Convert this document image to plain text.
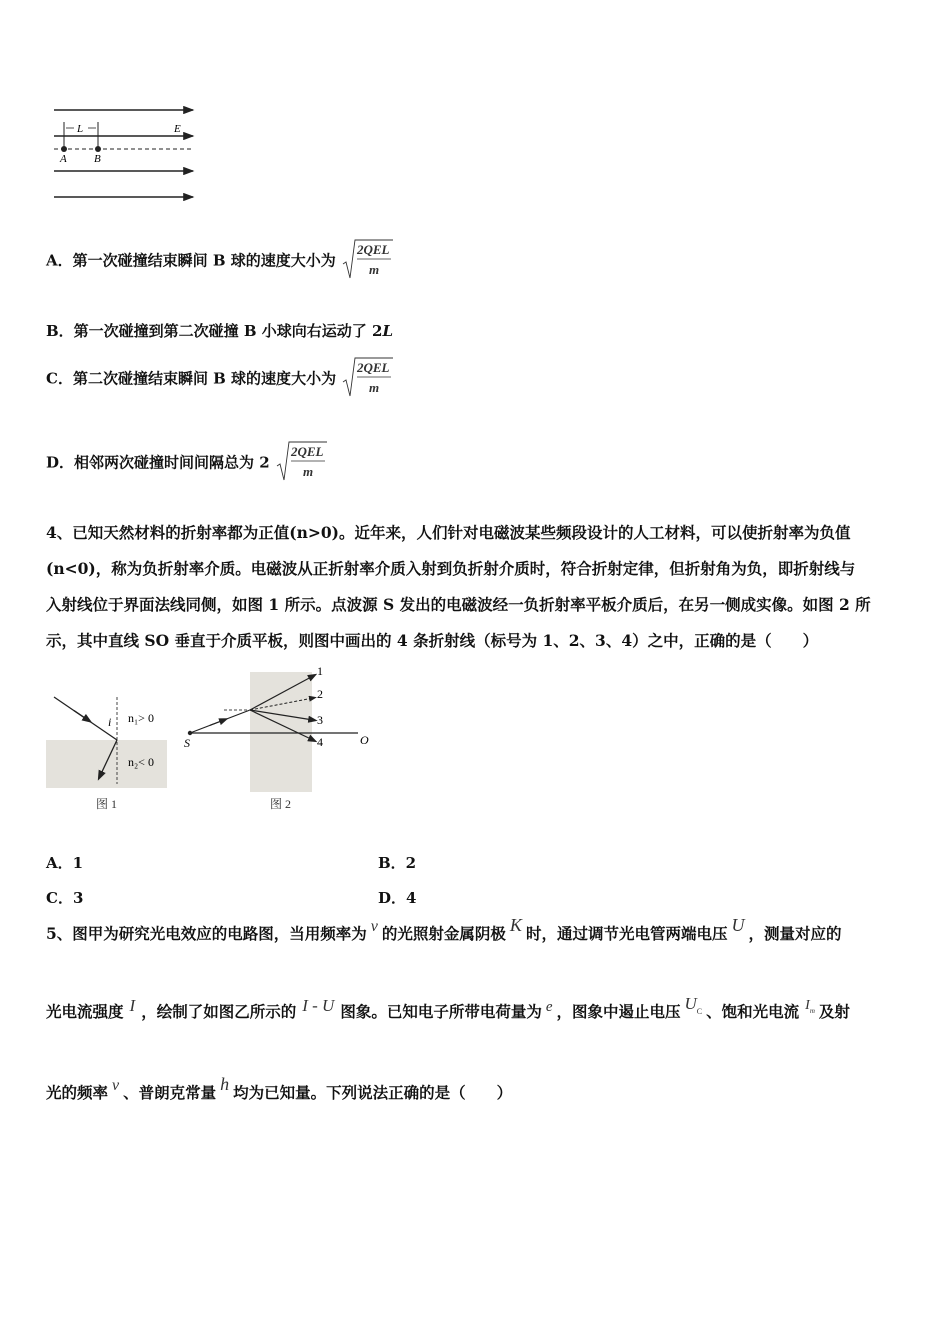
L	E
A B
A．第一次碰撞结束瞬间 B 球的速度大小为
2QEL
m
B．第一次碰撞到第二次碰撞 B 小球向右运动了 2L
C．第二次碰撞结束瞬间 B 球的速度大小为
2QEL
m
D．相邻两次碰撞时间间隔总为 2
2QEL
m
4、已知天然材料的折射率都为正值(n>0)。近年来，人们针对电磁波某些频段设计的人工材料，可以使折射率为负值
(n<0)，称为负折射率介质。电磁波从正折射率介质入射到负折射介质时，符合折射定律，但折射角为负，即折射线与
入射线位于界面法线同侧，如图 1 所示。点波源 S 发出的电磁波经一负折射率平板介质后，在另一侧成实像。如图 2 所
示，其中直线 SO 垂直于介质平板，则图中画出的 4 条折射线（标号为 1、2、3、4）之中，正确的是（　　）
i n₁> 0
n₂< 0
图 1
1
2
3
4
S	O
图 2
A．1	B．2
C．3	D．4
5、图甲为研究光电效应的电路图，当用频率为 v 的光照射金属阴极 K 时，通过调节光电管两端电压 U ，测量对应的
光电流强度 I ，绘制了如图乙所示的 I - U 图象。已知电子所带电荷量为 e ，图象中遏止电压 UC 、饱和光电流 $I^m$ 及射
光的频率 v 、普朗克常量 h 均为已知量。下列说法正确的是（　　）
